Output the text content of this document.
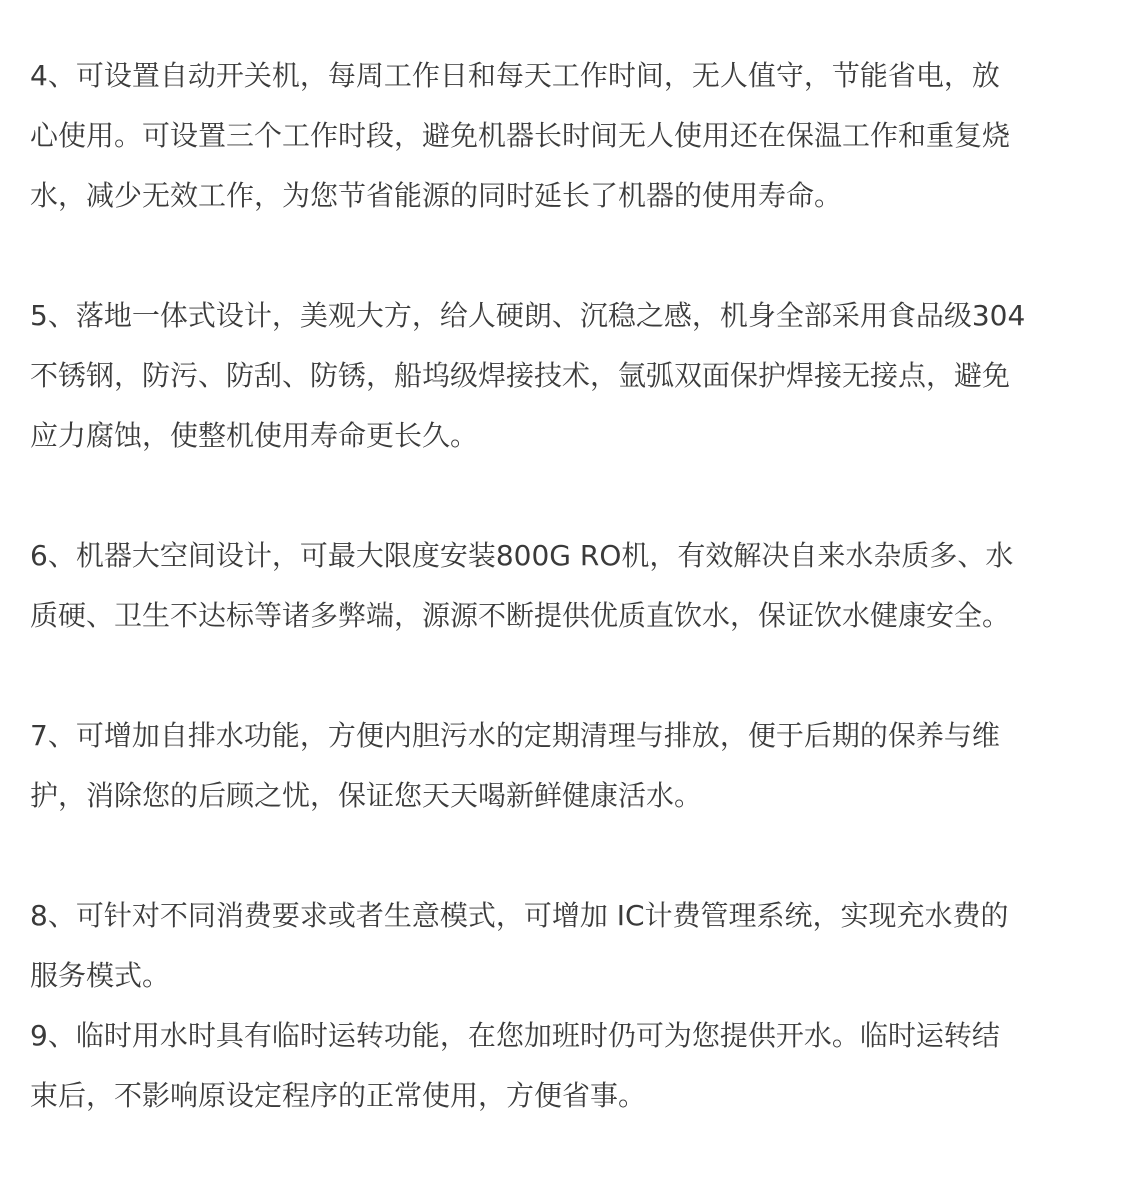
4、可设置自动开关机，每周工作日和每天工作时间，无人值守，节能省电，放
心使用。可设置三个工作时段，避免机器长时间无人使用还在保温工作和重复烧
水，减少无效工作，为您节省能源的同时延长了机器的使用寿命。
5、落地一体式设计，美观大方，给人硬朗、沉稳之感，机身全部采用食品级304
不锈钢，防污、防刮、防锈，船坞级焊接技术，氩弧双面保护焊接无接点，避免
应力腐蚀，使整机使用寿命更长久。
6、机器大空间设计，可最大限度安装800G RO机，有效解决自来水杂质多、水
质硬、卫生不达标等诸多弊端，源源不断提供优质直饮水，保证饮水健康安全。
7、可增加自排水功能，方便内胆污水的定期清理与排放，便于后期的保养与维
护，消除您的后顾之忧，保证您天天喝新鲜健康活水。
8、可针对不同消费要求或者生意模式，可增加 IC计费管理系统，实现充水费的
服务模式。
9、临时用水时具有临时运转功能，在您加班时仍可为您提供开水。临时运转结
束后，不影响原设定程序的正常使用，方便省事。
